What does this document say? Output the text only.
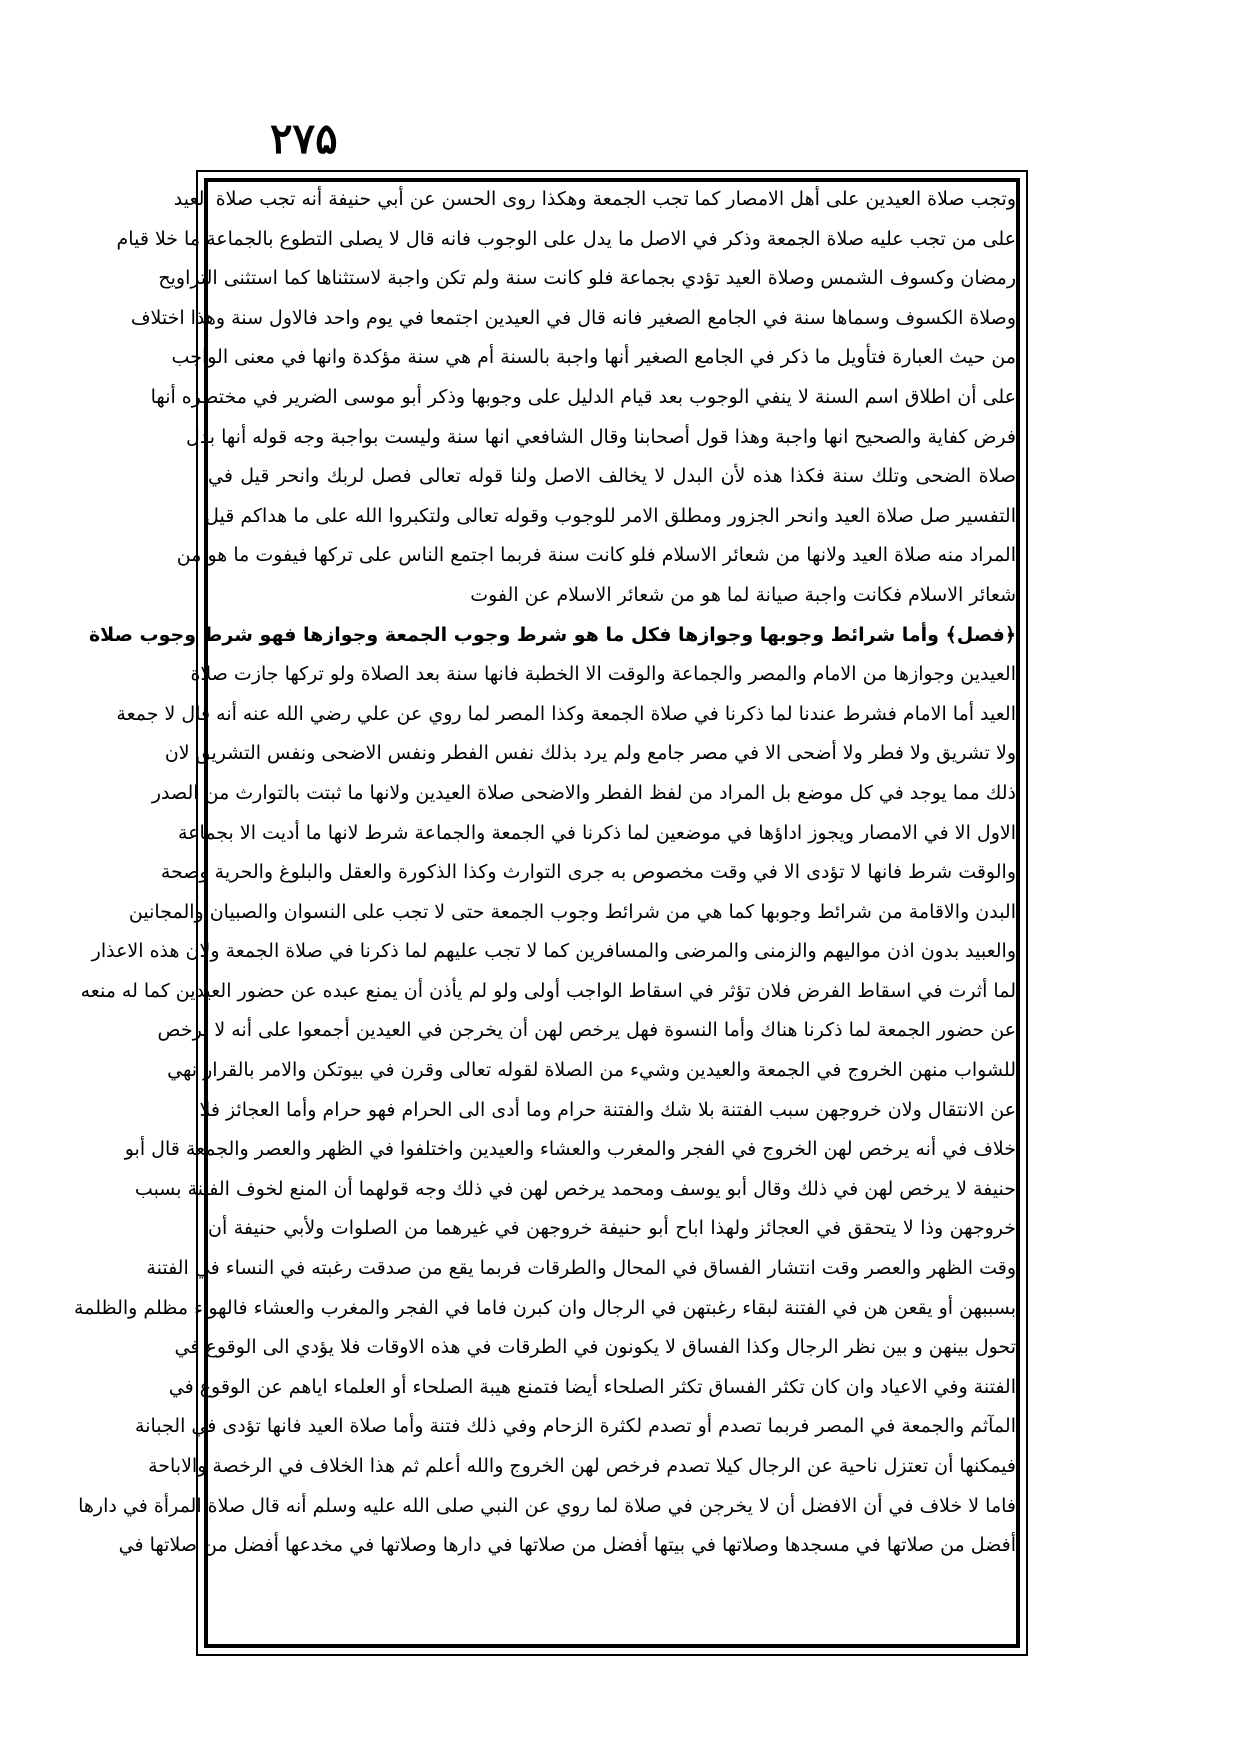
۲۷۵
وتجب صلاة العيدين على أهل الامصار كما تجب الجمعة وهكذا روى الحسن عن أبي حنيفة أنه تجب صلاة العيد
على من تجب عليه صلاة الجمعة وذكر في الاصل ما يدل على الوجوب فانه قال لا يصلى التطوع بالجماعة ما خلا قيام
رمضان وكسوف الشمس وصلاة العيد تؤدي بجماعة فلو كانت سنة ولم تكن واجبة لاستثناها كما استثنى التراويح
وصلاة الكسوف وسماها سنة في الجامع الصغير فانه قال في العيدين اجتمعا في يوم واحد فالاول سنة وهذا اختلاف
من حيث العبارة فتأويل ما ذكر في الجامع الصغير أنها واجبة بالسنة أم هي سنة مؤكدة وانها في معنى الواجب
على أن اطلاق اسم السنة لا ينفي الوجوب بعد قيام الدليل على وجوبها وذكر أبو موسى الضرير في مختصره أنها
فرض كفاية والصحيح انها واجبة وهذا قول أصحابنا وقال الشافعي انها سنة وليست بواجبة وجه قوله أنها بدل
صلاة الضحى وتلك سنة فكذا هذه لأن البدل لا يخالف الاصل ولنا قوله تعالى فصل لربك وانحر قيل في
التفسير صل صلاة العيد وانحر الجزور ومطلق الامر للوجوب وقوله تعالى ولتكبروا الله على ما هداكم قيل
المراد منه صلاة العيد ولانها من شعائر الاسلام فلو كانت سنة فربما اجتمع الناس على تركها فيفوت ما هو من
شعائر الاسلام فكانت واجبة صيانة لما هو من شعائر الاسلام عن الفوت
﴿فصل﴾ وأما شرائط وجوبها وجوازها فكل ما هو شرط وجوب الجمعة وجوازها فهو شرط وجوب صلاة
العيدين وجوازها من الامام والمصر والجماعة والوقت الا الخطبة فانها سنة بعد الصلاة ولو تركها جازت صلاة
العيد أما الامام فشرط عندنا لما ذكرنا في صلاة الجمعة وكذا المصر لما روي عن علي رضي الله عنه أنه قال لا جمعة
ولا تشريق ولا فطر ولا أضحى الا في مصر جامع ولم يرد بذلك نفس الفطر ونفس الاضحى ونفس التشريق لان
ذلك مما يوجد في كل موضع بل المراد من لفظ الفطر والاضحى صلاة العيدين ولانها ما ثبتت بالتوارث من الصدر
الاول الا في الامصار ويجوز اداؤها في موضعين لما ذكرنا في الجمعة والجماعة شرط لانها ما أديت الا بجماعة
والوقت شرط فانها لا تؤدى الا في وقت مخصوص به جرى التوارث وكذا الذكورة والعقل والبلوغ والحرية وصحة
البدن والاقامة من شرائط وجوبها كما هي من شرائط وجوب الجمعة حتى لا تجب على النسوان والصبيان والمجانين
والعبيد بدون اذن مواليهم والزمنى والمرضى والمسافرين كما لا تجب عليهم لما ذكرنا في صلاة الجمعة ولان هذه الاعذار
لما أثرت في اسقاط الفرض فلان تؤثر في اسقاط الواجب أولى ولو لم يأذن أن يمنع عبده عن حضور العيدين كما له منعه
عن حضور الجمعة لما ذكرنا هناك وأما النسوة فهل يرخص لهن أن يخرجن في العيدين أجمعوا على أنه لا يرخص
للشواب منهن الخروج في الجمعة والعيدين وشيء من الصلاة لقوله تعالى وقرن في بيوتكن والامر بالقرار نهي
عن الانتقال ولان خروجهن سبب الفتنة بلا شك والفتنة حرام وما أدى الى الحرام فهو حرام وأما العجائز فلا
خلاف في أنه يرخص لهن الخروج في الفجر والمغرب والعشاء والعيدين واختلفوا في الظهر والعصر والجمعة قال أبو
حنيفة لا يرخص لهن في ذلك وقال أبو يوسف ومحمد يرخص لهن في ذلك وجه قولهما أن المنع لخوف الفتنة بسبب
خروجهن وذا لا يتحقق في العجائز ولهذا اباح أبو حنيفة خروجهن في غيرهما من الصلوات ولأبي حنيفة أن
وقت الظهر والعصر وقت انتشار الفساق في المحال والطرقات فربما يقع من صدقت رغبته في النساء في الفتنة
بسببهن أو يقعن هن في الفتنة لبقاء رغبتهن في الرجال وان كبرن فاما في الفجر والمغرب والعشاء فالهواء مظلم والظلمة
تحول بينهن و بين نظر الرجال وكذا الفساق لا يكونون في الطرقات في هذه الاوقات فلا يؤدي الى الوقوع في
الفتنة وفي الاعياد وان كان تكثر الفساق تكثر الصلحاء أيضا فتمنع هيبة الصلحاء أو العلماء اياهم عن الوقوع في
المآثم والجمعة في المصر فربما تصدم أو تصدم لكثرة الزحام وفي ذلك فتنة وأما صلاة العيد فانها تؤدى في الجبانة
فيمكنها أن تعتزل ناحية عن الرجال كيلا تصدم فرخص لهن الخروج والله أعلم ثم هذا الخلاف في الرخصة والاباحة
فاما لا خلاف في أن الافضل أن لا يخرجن في صلاة لما روي عن النبي صلى الله عليه وسلم أنه قال صلاة المرأة في دارها
أفضل من صلاتها في مسجدها وصلاتها في بيتها أفضل من صلاتها في دارها وصلاتها في مخدعها أفضل من صلاتها في
